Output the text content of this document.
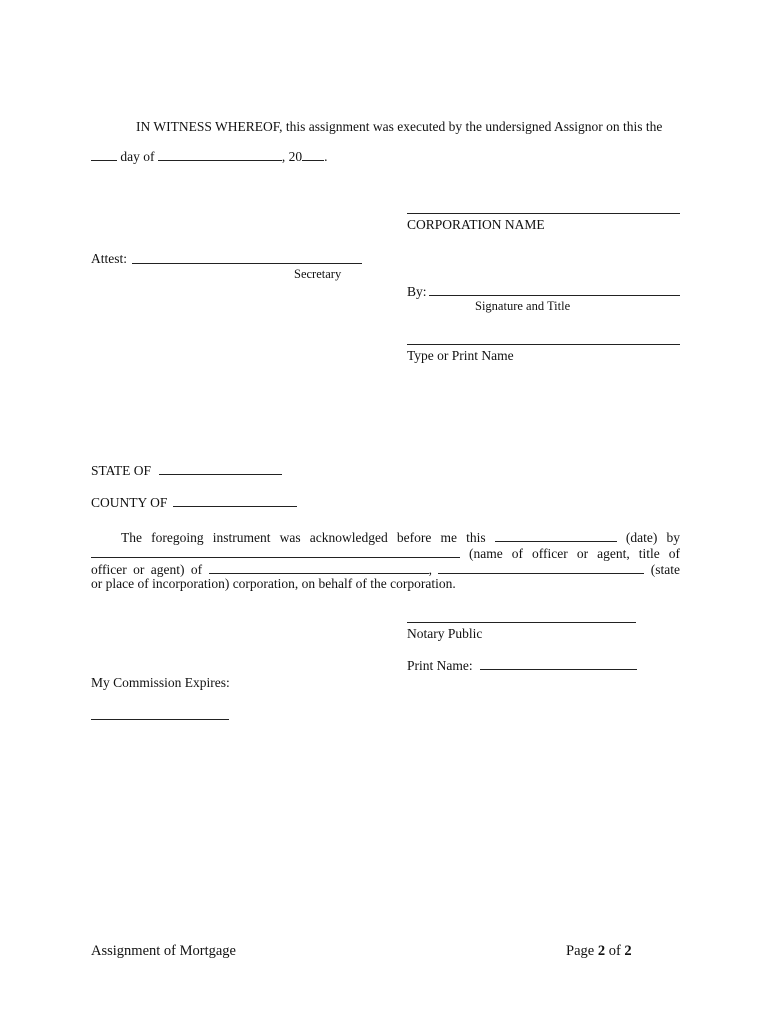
IN WITNESS WHEREOF, this assignment was executed by the undersigned Assignor on this the
day of	, 20 .
CORPORATION NAME
Attest:
Secretary
By:
Signature and Title
Type or Print Name
STATE OF
COUNTY OF
The foregoing instrument was acknowledged before me this	(date) by
(name of officer or agent, title of
officer or agent) of	,	(state
or place of incorporation) corporation, on behalf of the corporation.
Notary Public
Print Name:
My Commission Expires:
Assignment of Mortgage	Page 2 of 2
